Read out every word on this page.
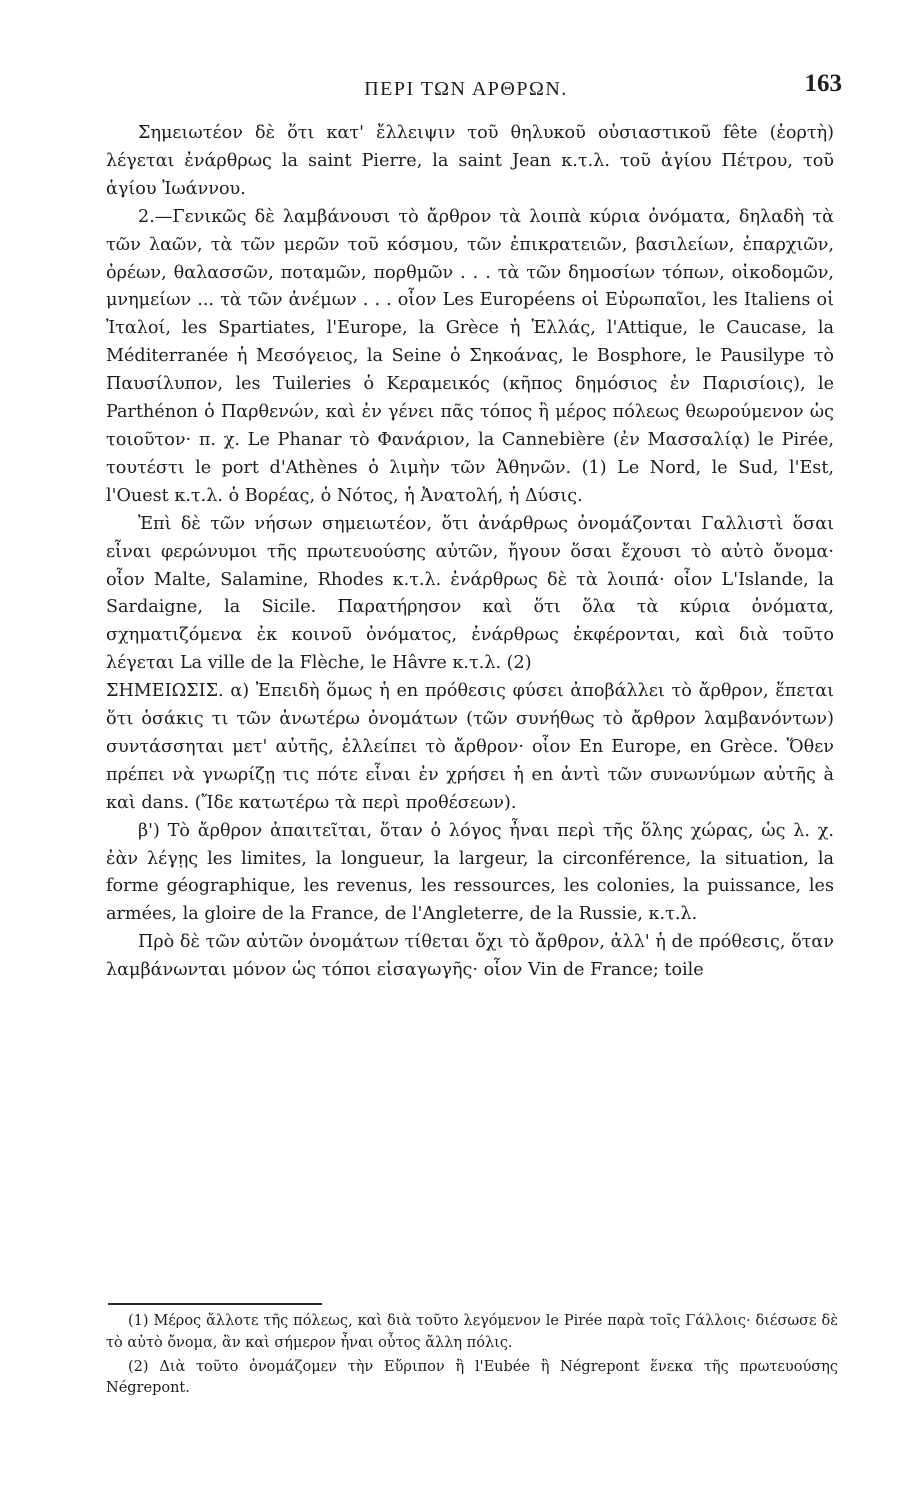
ΠΕΡΙ ΤΩΝ ΑΡΘΡΩΝ.	163

Σημειωτέον δὲ ὅτι κατ' ἔλλειψιν τοῦ θηλυκοῦ οὐσιαστικοῦ fête (ἑορτὴ) λέγεται ἐνάρθρως la saint Pierre, la saint Jean κ.τ.λ. τοῦ ἁγίου Πέτρου, τοῦ ἁγίου Ἰωάννου.

2.—Γενικῶς δὲ λαμβάνουσι τὸ ἄρθρον τὰ λοιπὰ κύρια ὀνόματα, δηλαδὴ τὰ τῶν λαῶν, τὰ τῶν μερῶν τοῦ κόσμου, τῶν ἐπικρατειῶν, βασιλείων, ἐπαρχιῶν, ὀρέων, θαλασσῶν, ποταμῶν, πορθμῶν . . . τὰ τῶν δημοσίων τόπων, οἰκοδομῶν, μνημείων ... τὰ τῶν ἀνέμων . . . οἷον Les Européens οἱ Εὐρωπαῖοι, les Italiens οἱ Ἰταλοί, les Spartiates, l'Europe, la Grèce ἡ Ἑλλάς, l'Attique, le Caucase, la Méditerranée ἡ Μεσόγειος, la Seine ὁ Σηκοάνας, le Bosphore, le Pausilype τὸ Παυσίλυπον, les Tuileries ὁ Κεραμεικός (κῆπος δημόσιος ἐν Παρισίοις), le Parthénon ὁ Παρθενών, καὶ ἐν γένει πᾶς τόπος ἢ μέρος πόλεως θεωρούμενον ὡς τοιοῦτον· π. χ. Le Phanar τὸ Φανάριον, la Cannebière (ἐν Μασσαλίᾳ) le Pirée, τουτέστι le port d'Athènes ὁ λιμὴν τῶν Ἀθηνῶν. (1) Le Nord, le Sud, l'Est, l'Ouest κ.τ.λ. ὁ Βορέας, ὁ Νότος, ἡ Ἀνατολή, ἡ Δύσις.

Ἐπὶ δὲ τῶν νήσων σημειωτέον, ὅτι ἀνάρθρως ὀνομάζονται Γαλλιστὶ ὅσαι εἶναι φερώνυμοι τῆς πρωτευούσης αὐτῶν, ἤγουν ὅσαι ἔχουσι τὸ αὐτὸ ὄνομα· οἷον Malte, Salamine, Rhodes κ.τ.λ. ἐνάρθρως δὲ τὰ λοιπά· οἷον L'Islande, la Sardaigne, la Sicile. Παρατήρησον καὶ ὅτι ὅλα τὰ κύρια ὀνόματα, σχηματιζόμενα ἐκ κοινοῦ ὀνόματος, ἐνάρθρως ἐκφέρονται, καὶ διὰ τοῦτο λέγεται La ville de la Flèche, le Hâvre κ.τ.λ. (2)

ΣΗΜΕΙΩΣΙΣ. α) Ἐπειδὴ ὅμως ἡ en πρόθεσις φύσει ἀποβάλλει τὸ ἄρθρον, ἕπεται ὅτι ὁσάκις τι τῶν ἀνωτέρω ὀνομάτων (τῶν συνήθως τὸ ἄρθρον λαμβανόντων) συντάσσηται μετ' αὐτῆς, ἐλλείπει τὸ ἄρθρον· οἷον En Europe, en Grèce. Ὅθεν πρέπει νὰ γνωρίζῃ τις πότε εἶναι ἐν χρήσει ἡ en ἀντὶ τῶν συνωνύμων αὐτῆς à καὶ dans. (Ἴδε κατωτέρω τὰ περὶ προθέσεων).

β') Τὸ ἄρθρον ἀπαιτεῖται, ὅταν ὁ λόγος ἦναι περὶ τῆς ὅλης χώρας, ὡς λ. χ. ἐὰν λέγῃς les limites, la longueur, la largeur, la circonférence, la situation, la forme géographique, les revenus, les ressources, les colonies, la puissance, les armées, la gloire de la France, de l'Angleterre, de la Russie, κ.τ.λ.

Πρὸ δὲ τῶν αὐτῶν ὀνομάτων τίθεται ὄχι τὸ ἄρθρον, ἀλλ' ἡ de πρόθεσις, ὅταν λαμβάνωνται μόνον ὡς τόποι εἰσαγωγῆς· οἷον Vin de France; toile

(1) Μέρος ἄλλοτε τῆς πόλεως, καὶ διὰ τοῦτο λεγόμενον le Pirée παρὰ τοῖς Γάλλοις· διέσωσε δὲ τὸ αὐτὸ ὄνομα, ἂν καὶ σήμερον ἦναι οὗτος ἄλλη πόλις.

(2) Διὰ τοῦτο ὀνομάζομεν τὴν Εὔριπον ἢ l'Eubée ἢ Négrepont ἕνεκα τῆς πρωτευούσης Négrepont.
